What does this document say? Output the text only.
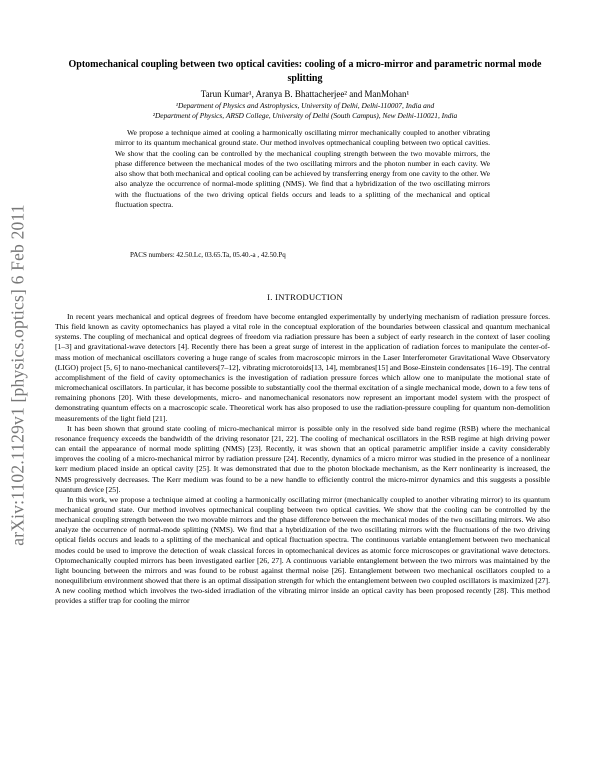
arXiv:1102.1129v1 [physics.optics] 6 Feb 2011
Optomechanical coupling between two optical cavities: cooling of a micro-mirror and parametric normal mode splitting
Tarun Kumar¹, Aranya B. Bhattacherjee² and ManMohan¹
¹Department of Physics and Astrophysics, University of Delhi, Delhi-110007, India and
²Department of Physics, ARSD College, University of Delhi (South Campus), New Delhi-110021, India

We propose a technique aimed at cooling a harmonically oscillating mirror mechanically coupled to another vibrating mirror to its quantum mechanical ground state. Our method involves optmechanical coupling between two optical cavities. We show that the cooling can be controlled by the mechanical coupling strength between the two movable mirrors, the phase difference between the mechanical modes of the two oscillating mirrors and the photon number in each cavity. We also show that both mechanical and optical cooling can be achieved by transferring energy from one cavity to the other. We also analyze the occurrence of normal-mode splitting (NMS). We find that a hybridization of the two oscillating mirrors with the fluctuations of the two driving optical fields occurs and leads to a splitting of the mechanical and optical fluctuation spectra.

PACS numbers: 42.50.Lc, 03.65.Ta, 05.40.-a , 42.50.Pq
I. INTRODUCTION

In recent years mechanical and optical degrees of freedom have become entangled experimentally by underlying mechanism of radiation pressure forces. This field known as cavity optomechanics has played a vital role in the conceptual exploration of the boundaries between classical and quantum mechanical systems. The coupling of mechanical and optical degrees of freedom via radiation pressure has been a subject of early research in the context of laser cooling [1–3] and gravitational-wave detectors [4]. Recently there has been a great surge of interest in the application of radiation forces to manipulate the center-of-mass motion of mechanical oscillators covering a huge range of scales from macroscopic mirrors in the Laser Interferometer Gravitational Wave Observatory (LIGO) project [5, 6] to nano-mechanical cantilevers[7–12], vibrating microtoroids[13, 14], membranes[15] and Bose-Einstein condensates [16–19]. The central accomplishment of the field of cavity optomechanics is the investigation of radiation pressure forces which allow one to manipulate the motional state of micromechanical oscillators. In particular, it has become possible to substantially cool the thermal excitation of a single mechanical mode, down to a few tens of remaining phonons [20]. With these developments, micro- and nanomechanical resonators now represent an important model system with the prospect of demonstrating quantum effects on a macroscopic scale. Theoretical work has also proposed to use the radiation-pressure coupling for quantum non-demolition measurements of the light field [21].

It has been shown that ground state cooling of micro-mechanical mirror is possible only in the resolved side band regime (RSB) where the mechanical resonance frequency exceeds the bandwidth of the driving resonator [21, 22]. The cooling of mechanical oscillators in the RSB regime at high driving power can entail the appearance of normal mode splitting (NMS) [23]. Recently, it was shown that an optical parametric amplifier inside a cavity considerably improves the cooling of a micro-mechanical mirror by radiation pressure [24]. Recently, dynamics of a micro mirror was studied in the presence of a nonlinear kerr medium placed inside an optical cavity [25]. It was demonstrated that due to the photon blockade mechanism, as the Kerr nonlinearity is increased, the NMS progressively decreases. The Kerr medium was found to be a new handle to efficiently control the micro-mirror dynamics and this suggests a possible quantum device [25].

In this work, we propose a technique aimed at cooling a harmonically oscillating mirror (mechanically coupled to another vibrating mirror) to its quantum mechanical ground state. Our method involves optmechanical coupling between two optical cavities. We show that the cooling can be controlled by the mechanical coupling strength between the two movable mirrors and the phase difference between the mechanical modes of the two oscillating mirrors. We also analyze the occurrence of normal-mode splitting (NMS). We find that a hybridization of the two oscillating mirrors with the fluctuations of the two driving optical fields occurs and leads to a splitting of the mechanical and optical fluctuation spectra. The continuous variable entanglement between two mechanical modes could be used to improve the detection of weak classical forces in optomechanical devices as atomic force microscopes or gravitational wave detectors. Optomechanically coupled mirrors has been investigated earlier [26, 27]. A continuous variable entanglement between the two mirrors was maintained by the light bouncing between the mirrors and was found to be robust against thermal noise [26]. Entanglement between two mechanical oscillators coupled to a nonequilibrium environment showed that there is an optimal dissipation strength for which the entanglement between two coupled oscillators is maximized [27]. A new cooling method which involves the two-sided irradiation of the vibrating mirror inside an optical cavity has been proposed recently [28]. This method provides a stiffer trap for cooling the mirror
